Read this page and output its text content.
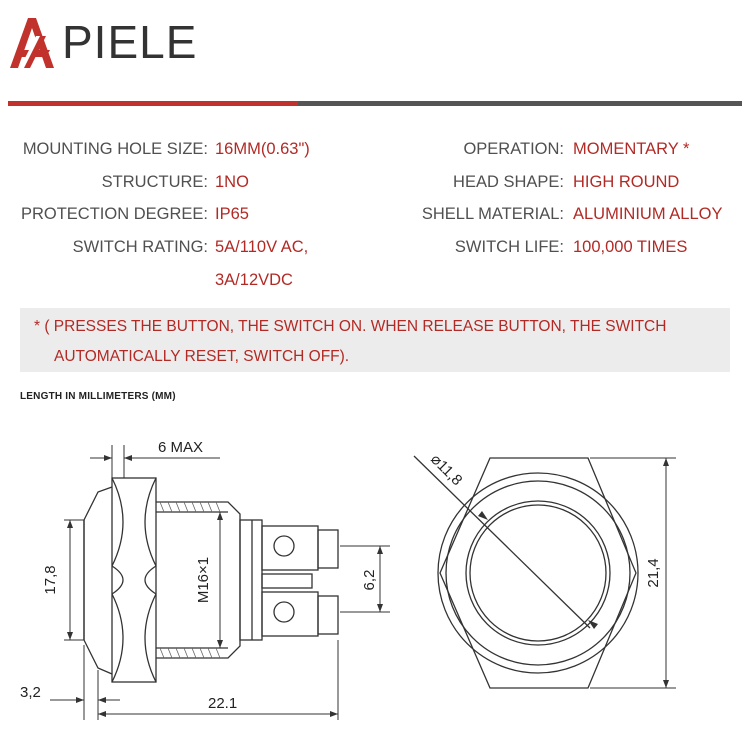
PIELE
MOUNTING HOLE SIZE: 16MM(0.63")
STRUCTURE: 1NO
PROTECTION DEGREE: IP65
SWITCH RATING: 5A/110V AC,
3A/12VDC
OPERATION: MOMENTARY *
HEAD SHAPE: HIGH ROUND
SHELL MATERIAL: ALUMINIUM ALLOY
SWITCH LIFE: 100,000 TIMES
* ( PRESSES THE BUTTON, THE SWITCH ON. WHEN RELEASE BUTTON, THE SWITCH
AUTOMATICALLY RESET, SWITCH OFF).
LENGTH IN MILLIMETERS (MM)
6 MAX
17,8	M16×1	6,2
3,2
22.1
⌀11,8
21,4
